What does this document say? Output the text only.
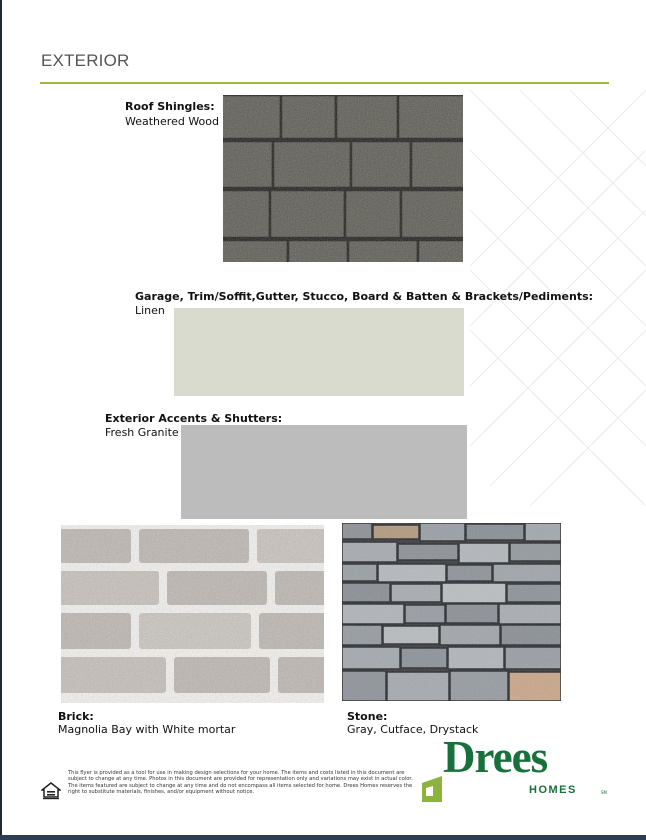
EXTERIOR
Roof Shingles:
Weathered Wood
Garage, Trim/Soffit,Gutter, Stucco, Board & Batten & Brackets/Pediments:
Linen
Exterior Accents & Shutters:
Fresh Granite
Brick:
Magnolia Bay with White mortar
Stone:
Gray, Cutface, Drystack
This flyer is provided as a tool for use in making design selections for your home. The items and costs listed in this document are subject to change at any time. Photos in this document are provided for representation only and variations may exist in actual color. The items featured are subject to change at any time and do not encompass all items selected for home. Drees Homes reserves the right to substitute materials, finishes, and/or equipment without notice.
Drees
HOMES	SM
